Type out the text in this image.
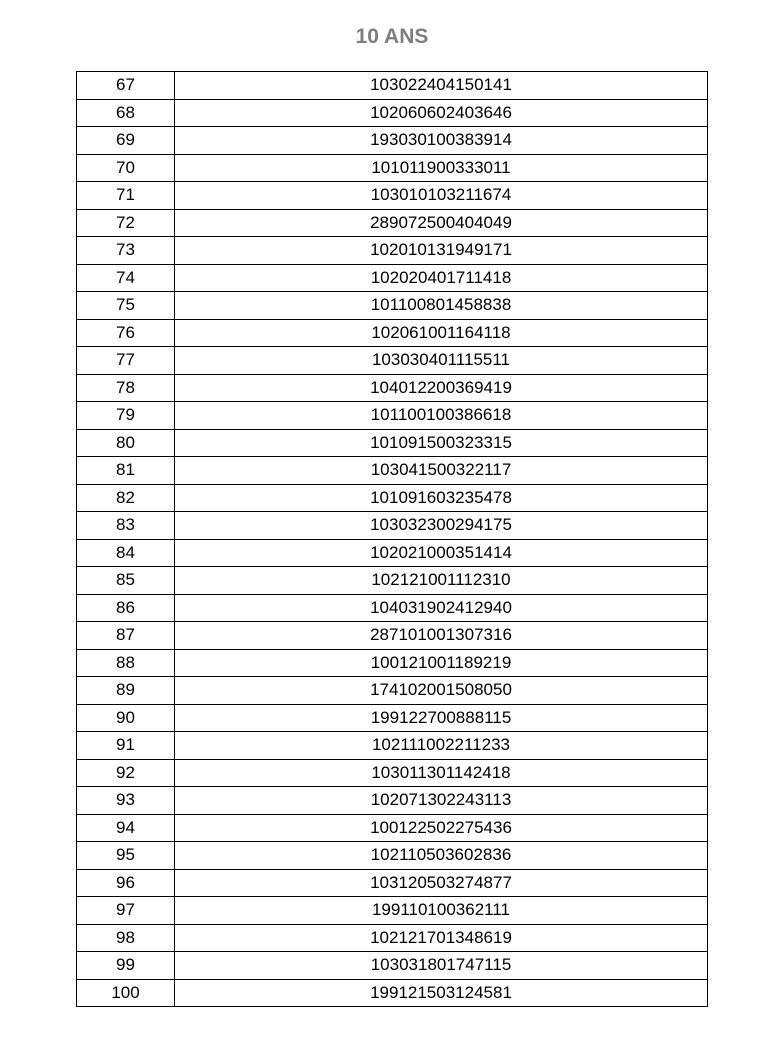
10 ANS
67	103022404150141
68	102060602403646
69	193030100383914
70	101011900333011
71	103010103211674
72	289072500404049
73	102010131949171
74	102020401711418
75	101100801458838
76	102061001164118
77	103030401115511
78	104012200369419
79	101100100386618
80	101091500323315
81	103041500322117
82	101091603235478
83	103032300294175
84	102021000351414
85	102121001112310
86	104031902412940
87	287101001307316
88	100121001189219
89	174102001508050
90	199122700888115
91	102111002211233
92	103011301142418
93	102071302243113
94	100122502275436
95	102110503602836
96	103120503274877
97	199110100362111
98	102121701348619
99	103031801747115
100	199121503124581
